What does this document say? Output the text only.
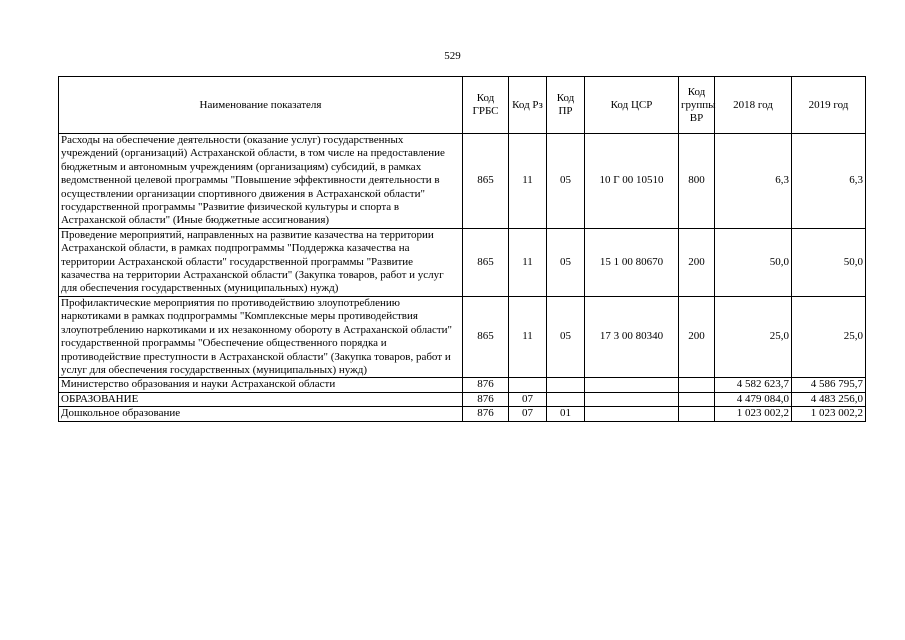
529
Наименование показателя	Код ГРБС	Код Рз	Код ПР	Код ЦСР	Код группы ВР	2018 год	2019 год
Расходы на обеспечение деятельности (оказание услуг) государственных учреждений (организаций) Астраханской области, в том числе на предоставление бюджетным и автономным учреждениям (организациям) субсидий, в рамках ведомственной целевой программы "Повышение эффективности деятельности в осуществлении организации спортивного движения в Астраханской области" государственной программы "Развитие физической культуры и спорта в Астраханской области" (Иные бюджетные ассигнования)	865	11	05	10 Г 00 10510	800	6,3	6,3
Проведение мероприятий, направленных на развитие казачества на территории Астраханской области, в рамках подпрограммы "Поддержка казачества на территории Астраханской области" государственной программы "Развитие казачества на территории Астраханской области" (Закупка товаров, работ и услуг для обеспечения государственных (муниципальных) нужд)	865	11	05	15 1 00 80670	200	50,0	50,0
Профилактические мероприятия по противодействию злоупотреблению наркотиками в рамках подпрограммы "Комплексные меры противодействия злоупотреблению наркотиками и их незаконному обороту в Астраханской области" государственной программы "Обеспечение общественного порядка и противодействие преступности в Астраханской области" (Закупка товаров, работ и услуг для обеспечения государственных (муниципальных) нужд)	865	11	05	17 3 00 80340	200	25,0	25,0
Министерство образования и науки Астраханской области	876					4 582 623,7	4 586 795,7
ОБРАЗОВАНИЕ	876	07				4 479 084,0	4 483 256,0
Дошкольное образование	876	07	01			1 023 002,2	1 023 002,2
